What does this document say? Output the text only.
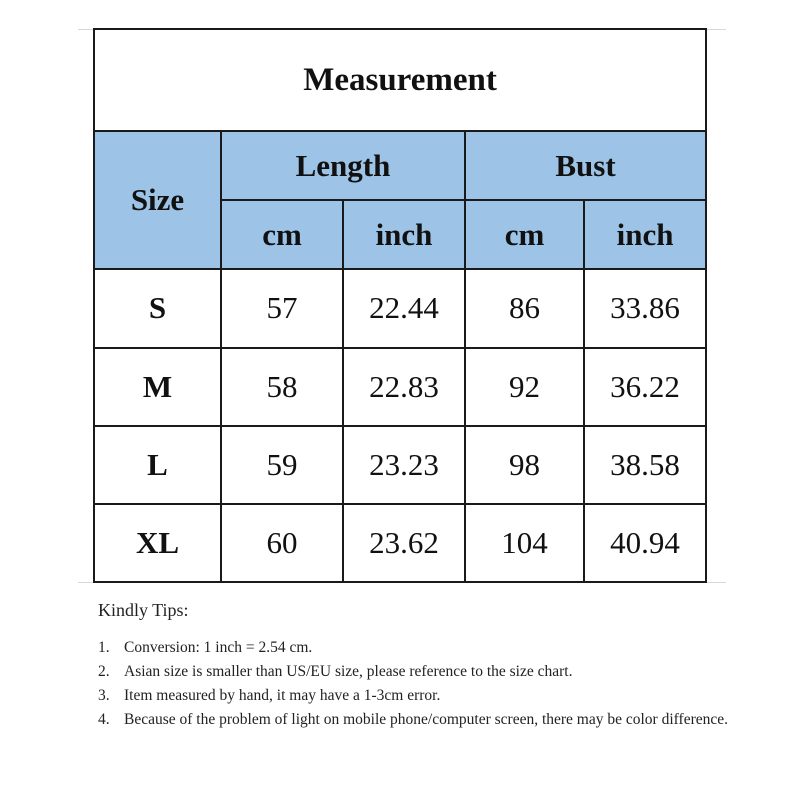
Measurement				
Size	Length		Bust	
	cm	inch	cm	inch
S	57	22.44	86	33.86
M	58	22.83	92	36.22
L	59	23.23	98	38.58
XL	60	23.62	104	40.94

Kindly Tips:

1. Conversion: 1 inch = 2.54 cm.
2. Asian size is smaller than US/EU size, please reference to the size chart.
3. Item measured by hand, it may have a 1-3cm error.
4. Because of the problem of light on mobile phone/computer screen, there may be color difference.
